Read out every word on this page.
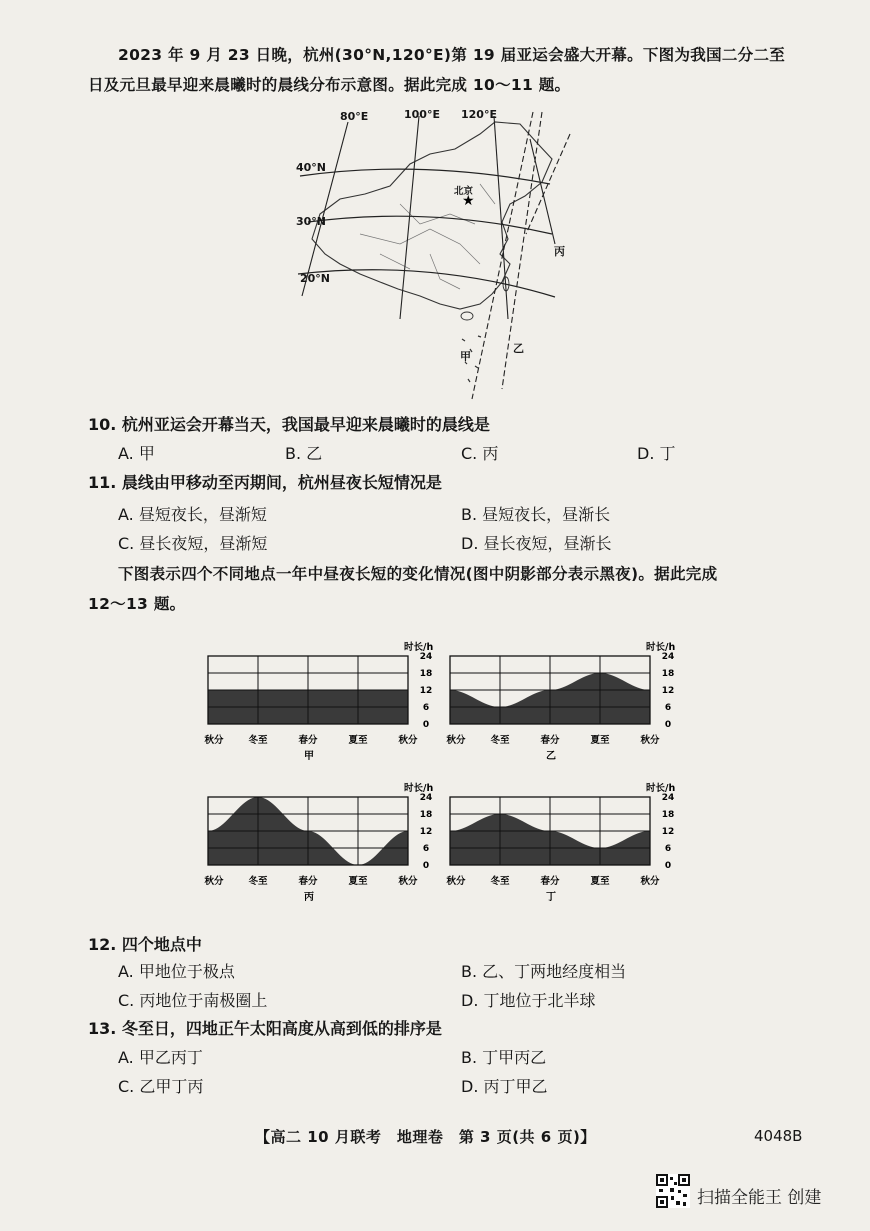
2023 年 9 月 23 日晚，杭州(30°N,120°E)第 19 届亚运会盛大开幕。下图为我国二分二至
日及元旦最早迎来晨曦时的晨线分布示意图。据此完成 10～11 题。
★
80°E	100°E 120°E
40°N
30°N
20°N
北京
甲
乙
丙

10. 杭州亚运会开幕当天，我国最早迎来晨曦时的晨线是
A. 甲	B. 乙	C. 丙	D. 丁
11. 晨线由甲移动至丙期间，杭州昼夜长短情况是
A. 昼短夜长，昼渐短	B. 昼短夜长，昼渐长
C. 昼长夜短，昼渐短	D. 昼长夜短，昼渐长
下图表示四个不同地点一年中昼夜长短的变化情况(图中阴影部分表示黑夜)。据此完成
12～13 题。
0
6
12
18
24
秋分	冬至	春分	夏至	秋分
时长/h
甲
0
6
12
18
24
秋分	冬至	春分	夏至	秋分
时长/h
乙
0
6
12
18
24
秋分	冬至	春分	夏至	秋分
时长/h
丙
0
6
12
18
24
秋分	冬至	春分	夏至	秋分
时长/h
丁
12. 四个地点中
A. 甲地位于极点	B. 乙、丁两地经度相当
C. 丙地位于南极圈上	D. 丁地位于北半球
13. 冬至日，四地正午太阳高度从高到低的排序是
A. 甲乙丙丁	B. 丁甲丙乙
C. 乙甲丁丙	D. 丙丁甲乙
【高二 10 月联考　地理卷　第 3 页(共 6 页)】	4048B
扫描全能王 创建
